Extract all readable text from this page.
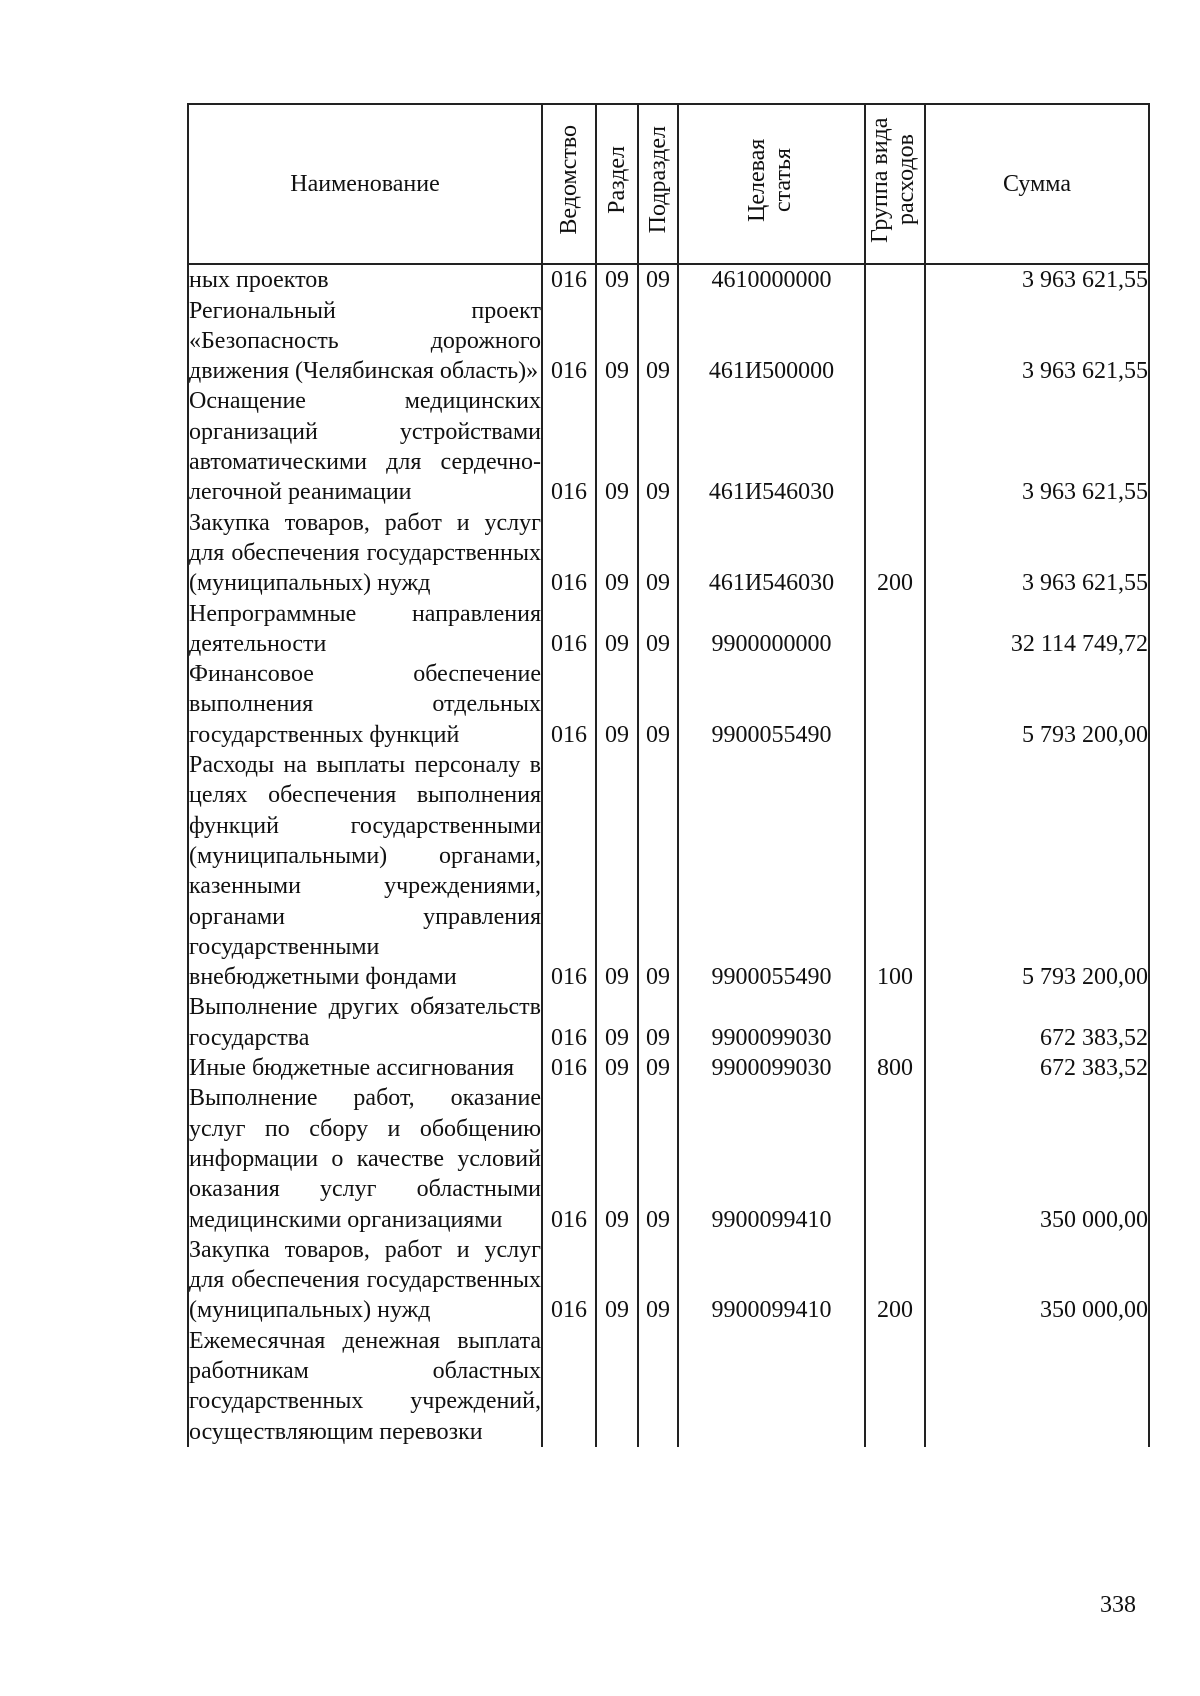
Наименование	Ведомство	Раздел	Подраздел	Целевая статья	Группа вида расходов	Сумма
ных проектов	016	09	09	4610000000		3 963 621,55
Региональный проект «Безопасность дорожного движения (Челябинская область)»	016	09	09	461И500000		3 963 621,55
Оснащение медицинских организаций устройствами автоматическими для сердечно-легочной реанимации	016	09	09	461И546030		3 963 621,55
Закупка товаров, работ и услуг для обеспечения государственных (муниципальных) нужд	016	09	09	461И546030	200	3 963 621,55
Непрограммные направления деятельности	016	09	09	9900000000		32 114 749,72
Финансовое обеспечение выполнения отдельных государственных функций	016	09	09	9900055490		5 793 200,00
Расходы на выплаты персоналу в целях обеспечения выполнения функций государственными (муниципальными) органами, казенными учреждениями, органами управления государственными внебюджетными фондами	016	09	09	9900055490	100	5 793 200,00
Выполнение других обязательств государства	016	09	09	9900099030		672 383,52
Иные бюджетные ассигнования	016	09	09	9900099030	800	672 383,52
Выполнение работ, оказание услуг по сбору и обобщению информации о качестве условий оказания услуг областными медицинскими организациями	016	09	09	9900099410		350 000,00
Закупка товаров, работ и услуг для обеспечения государственных (муниципальных) нужд	016	09	09	9900099410	200	350 000,00
Ежемесячная денежная выплата работникам областных государственных учреждений, осуществляющим перевозки						
338
